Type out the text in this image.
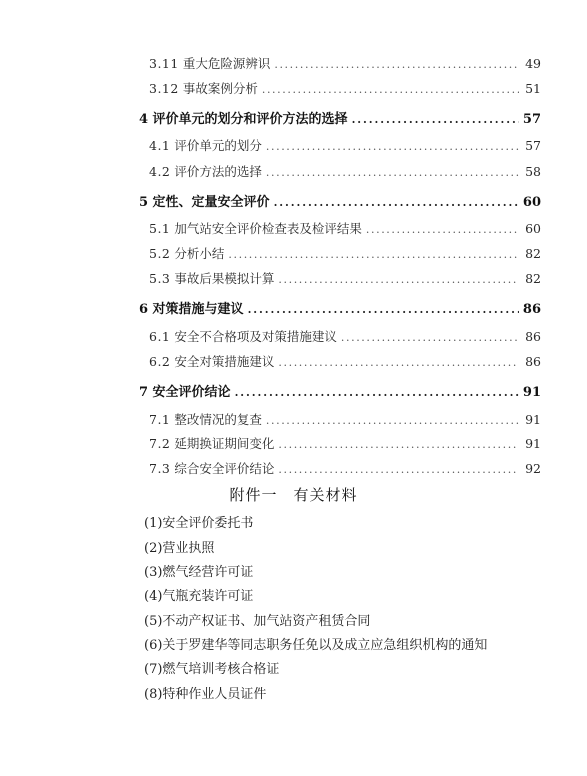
3.11 重大危险源辨识 .....	49
3.12 事故案例分析 .....	51
4 评价单元的划分和评价方法的选择 .....	57
4.1 评价单元的划分 .....	57
4.2 评价方法的选择 .....	58
5 定性、定量安全评价 .....	60
5.1 加气站安全评价检查表及检评结果 .....	60
5.2 分析小结 .....	82
5.3 事故后果模拟计算 .....	82
6 对策措施与建议 .....	86
6.1 安全不合格项及对策措施建议 .....	86
6.2 安全对策措施建议 .....	86
7 安全评价结论 .....	91
7.1 整改情况的复查 .....	91
7.2 延期换证期间变化 .....	91
7.3 综合安全评价结论 .....	92
附件一　有关材料
(1)安全评价委托书
(2)营业执照
(3)燃气经营许可证
(4)气瓶充装许可证
(5)不动产权证书、加气站资产租赁合同
(6)关于罗建华等同志职务任免以及成立应急组织机构的通知
(7)燃气培训考核合格证
(8)特种作业人员证件
